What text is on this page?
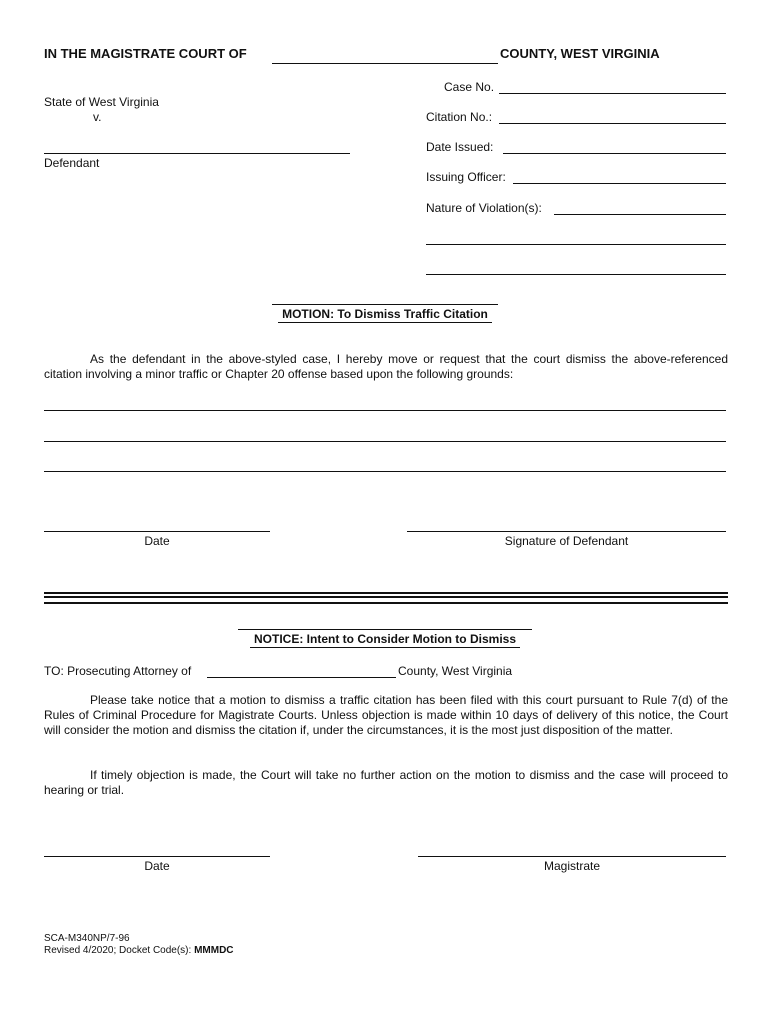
IN THE MAGISTRATE COURT OF	COUNTY, WEST VIRGINIA
State of West Virginia
v.
Defendant
Case No.
Citation No.:
Date Issued:
Issuing Officer:
Nature of Violation(s):
MOTION: To Dismiss Traffic Citation
As the defendant in the above-styled case, I hereby move or request that the court dismiss the above-referenced citation involving a minor traffic or Chapter 20 offense based upon the following grounds:
Date	Signature of Defendant
NOTICE: Intent to Consider Motion to Dismiss
TO: Prosecuting Attorney of	County, West Virginia
Please take notice that a motion to dismiss a traffic citation has been filed with this court pursuant to Rule 7(d) of the Rules of Criminal Procedure for Magistrate Courts. Unless objection is made within 10 days of delivery of this notice, the Court will consider the motion and dismiss the citation if, under the circumstances, it is the most just disposition of the matter.
If timely objection is made, the Court will take no further action on the motion to dismiss and the case will proceed to hearing or trial.
Date	Magistrate
SCA-M340NP/7-96
Revised 4/2020; Docket Code(s): MMMDC
